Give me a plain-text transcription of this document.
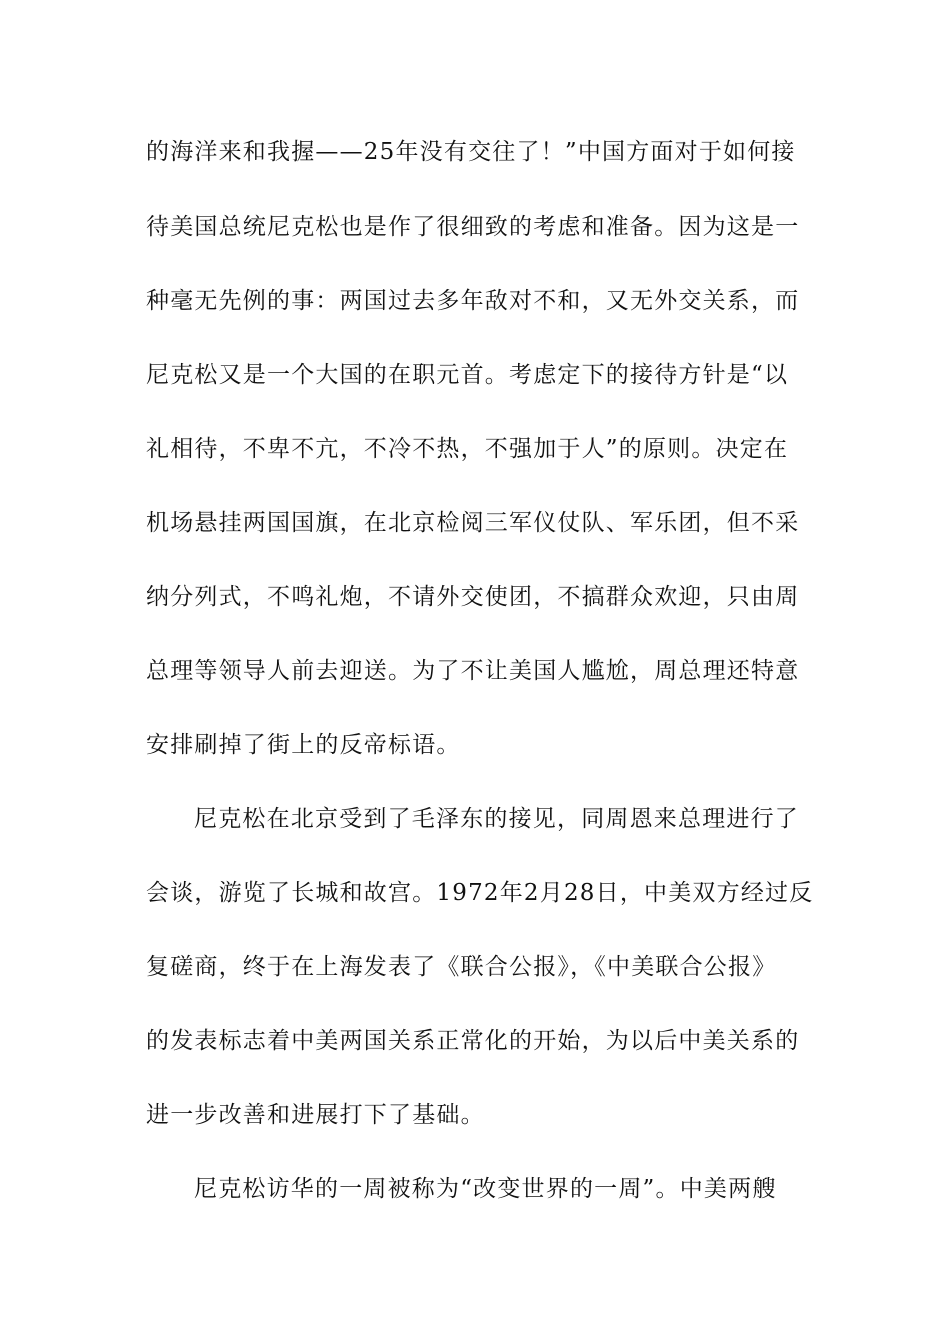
的海洋来和我握——25年没有交往了！”中国方面对于如何接
待美国总统尼克松也是作了很细致的考虑和准备。因为这是一
种毫无先例的事：两国过去多年敌对不和，又无外交关系，而
尼克松又是一个大国的在职元首。考虑定下的接待方针是“以
礼相待，不卑不亢，不冷不热，不强加于人”的原则。决定在
机场悬挂两国国旗，在北京检阅三军仪仗队、军乐团，但不采
纳分列式，不鸣礼炮，不请外交使团，不搞群众欢迎，只由周
总理等领导人前去迎送。为了不让美国人尴尬，周总理还特意
安排刷掉了街上的反帝标语。
尼克松在北京受到了毛泽东的接见，同周恩来总理进行了
会谈，游览了长城和故宫。1972年2月28日，中美双方经过反
复磋商，终于在上海发表了《联合公报》，《中美联合公报》
的发表标志着中美两国关系正常化的开始，为以后中美关系的
进一步改善和进展打下了基础。
尼克松访华的一周被称为“改变世界的一周”。中美两艘
